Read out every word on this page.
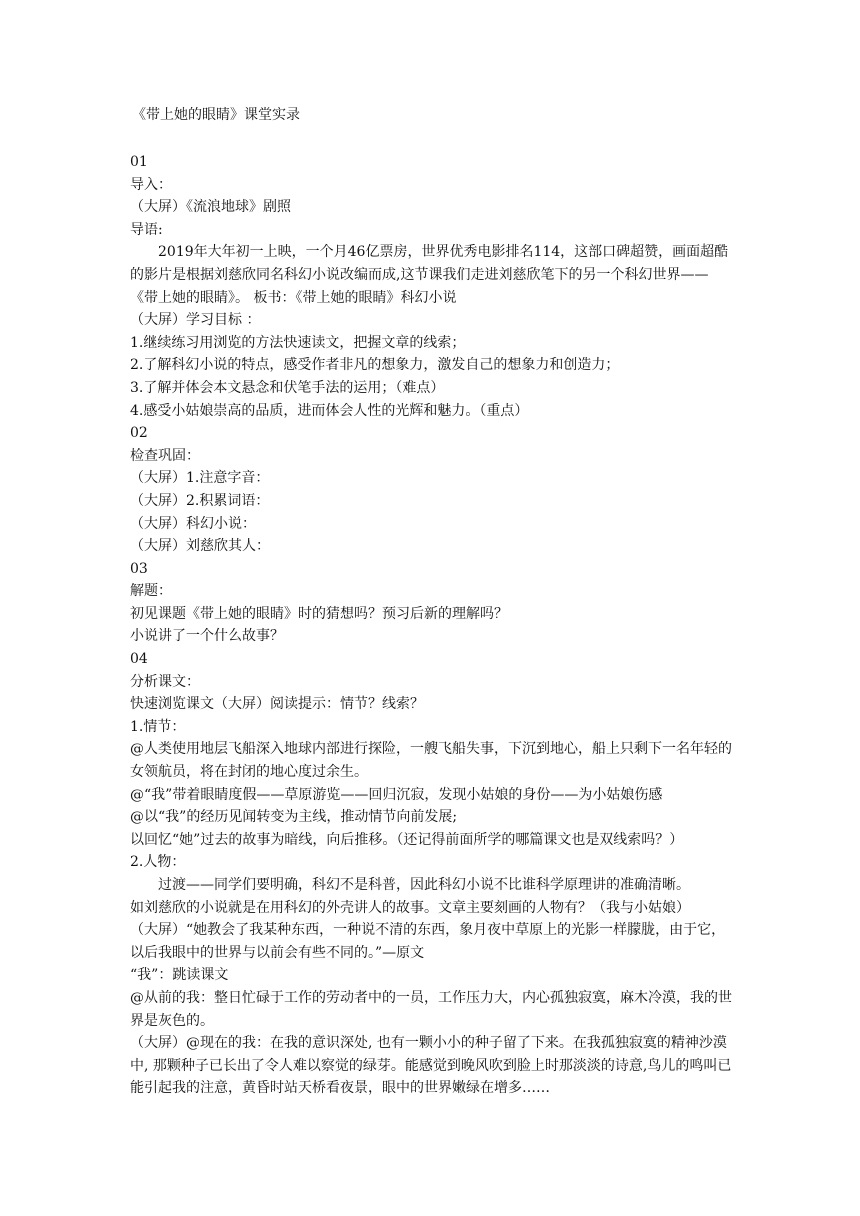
《带上她的眼睛》课堂实录

01

导入：

（大屏）《流浪地球》剧照

导语:

2019年大年初一上映，一个月46亿票房，世界优秀电影排名114，这部口碑超赞，画面超酷的影片是根据刘慈欣同名科幻小说改编而成,这节课我们走进刘慈欣笔下的另一个科幻世界——《带上她的眼睛》。 板书：《带上她的眼睛》科幻小说

（大屏）学习目标 ：

1.继续练习用浏览的方法快速读文，把握文章的线索；

2.了解科幻小说的特点，感受作者非凡的想象力，激发自己的想象力和创造力；

3.了解并体会本文悬念和伏笔手法的运用；（难点）

4.感受小姑娘崇高的品质，进而体会人性的光辉和魅力。（重点）

02

检查巩固：

（大屏）1.注意字音：

（大屏）2.积累词语：

（大屏）科幻小说：

（大屏）刘慈欣其人：

03

解题：

初见课题《带上她的眼睛》时的猜想吗？预习后新的理解吗？

小说讲了一个什么故事？

04

分析课文：

快速浏览课文（大屏）阅读提示：情节？线索？

1.情节：

@人类使用地层飞船深入地球内部进行探险，一艘飞船失事，下沉到地心，船上只剩下一名年轻的女领航员，将在封闭的地心度过余生。

@“我”带着眼睛度假——草原游览——回归沉寂，发现小姑娘的身份——为小姑娘伤感

@以“我”的经历见闻转变为主线，推动情节向前发展;

以回忆“她”过去的故事为暗线，向后推移。（还记得前面所学的哪篇课文也是双线索吗？）

2.人物：

过渡——同学们要明确，科幻不是科普，因此科幻小说不比谁科学原理讲的准确清晰。

如刘慈欣的小说就是在用科幻的外壳讲人的故事。文章主要刻画的人物有？（我与小姑娘）

（大屏）“她教会了我某种东西，一种说不清的东西，象月夜中草原上的光影一样朦胧，由于它，以后我眼中的世界与以前会有些不同的。”—原文

“我”：跳读课文

@从前的我：整日忙碌于工作的劳动者中的一员，工作压力大，内心孤独寂寞，麻木冷漠，我的世界是灰色的。

（大屏）@现在的我：在我的意识深处, 也有一颗小小的种子留了下来。在我孤独寂寞的精神沙漠中, 那颗种子已长出了令人难以察觉的绿芽。能感觉到晚风吹到脸上时那淡淡的诗意,鸟儿的鸣叫已能引起我的注意，黄昏时站天桥看夜景，眼中的世界嫩绿在增多……
